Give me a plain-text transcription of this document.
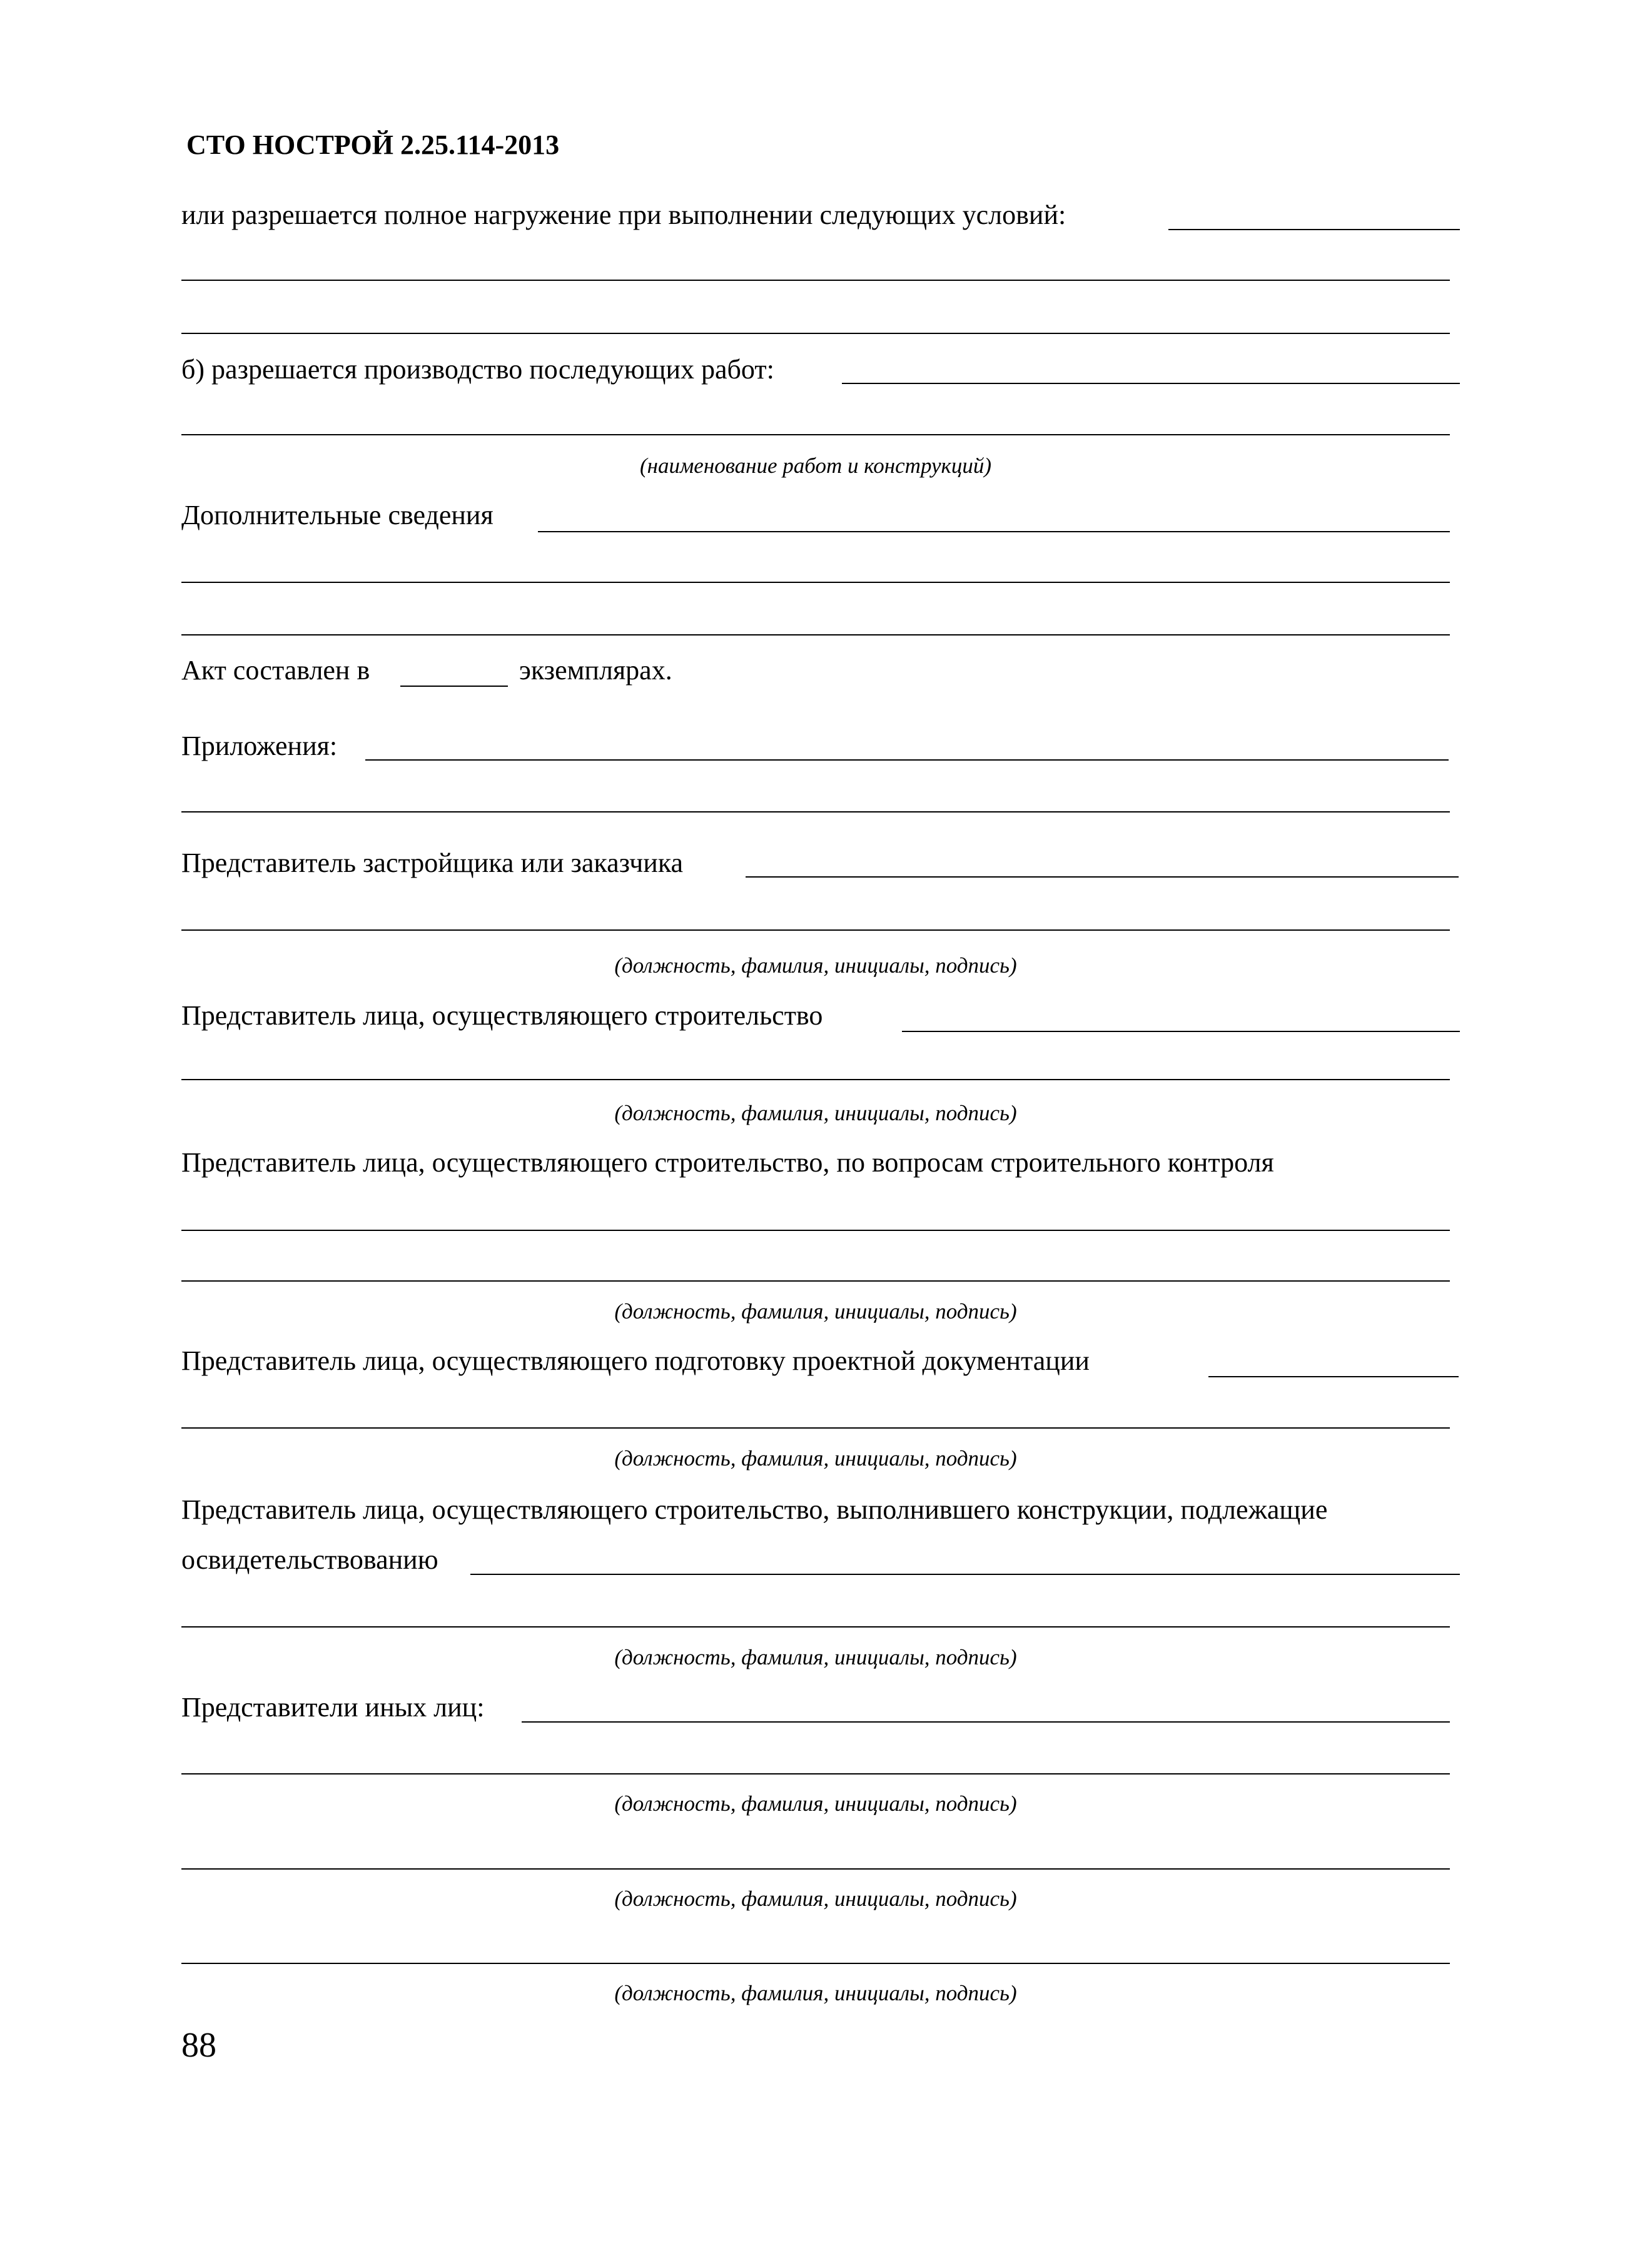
СТО НОСТРОЙ 2.25.114-2013
или разрешается полное нагружение при выполнении следующих условий:
б) разрешается производство последующих работ:
(наименование работ и конструкций)
Дополнительные сведения
Акт составлен в	экземплярах.
Приложения:
Представитель застройщика или заказчика
(должность, фамилия, инициалы, подпись)
Представитель лица, осуществляющего строительство
(должность, фамилия, инициалы, подпись)
Представитель лица, осуществляющего строительство, по вопросам строительного контроля
(должность, фамилия, инициалы, подпись)
Представитель лица, осуществляющего подготовку проектной документации
(должность, фамилия, инициалы, подпись)
Представитель лица, осуществляющего строительство, выполнившего конструкции, подлежащие
освидетельствованию
(должность, фамилия, инициалы, подпись)
Представители иных лиц:
(должность, фамилия, инициалы, подпись)
(должность, фамилия, инициалы, подпись)
(должность, фамилия, инициалы, подпись)
88
